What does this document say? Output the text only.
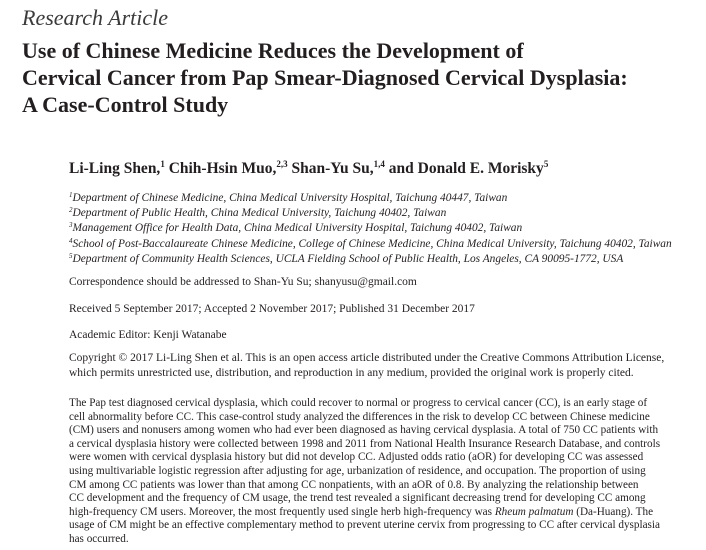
Research Article
Use of Chinese Medicine Reduces the Development of
Cervical Cancer from Pap Smear-Diagnosed Cervical Dysplasia:
A Case-Control Study
Li-Ling Shen,$^1$ Chih-Hsin Muo,$^{2,3}$ Shan-Yu Su,$^{1,4}$ and Donald E. Morisky$^5$
$^1$Department of Chinese Medicine, China Medical University Hospital, Taichung 40447, Taiwan
$^2$Department of Public Health, China Medical University, Taichung 40402, Taiwan
$^3$Management Office for Health Data, China Medical University Hospital, Taichung 40402, Taiwan
$^4$School of Post-Baccalaureate Chinese Medicine, College of Chinese Medicine, China Medical University, Taichung 40402, Taiwan
$^5$Department of Community Health Sciences, UCLA Fielding School of Public Health, Los Angeles, CA 90095-1772, USA
Correspondence should be addressed to Shan-Yu Su; shanyusu@gmail.com
Received 5 September 2017; Accepted 2 November 2017; Published 31 December 2017
Academic Editor: Kenji Watanabe
Copyright © 2017 Li-Ling Shen et al. This is an open access article distributed under the Creative Commons Attribution License,
which permits unrestricted use, distribution, and reproduction in any medium, provided the original work is properly cited.
The Pap test diagnosed cervical dysplasia, which could recover to normal or progress to cervical cancer (CC), is an early stage of
cell abnormality before CC. This case-control study analyzed the differences in the risk to develop CC between Chinese medicine
(CM) users and nonusers among women who had ever been diagnosed as having cervical dysplasia. A total of 750 CC patients with
a cervical dysplasia history were collected between 1998 and 2011 from National Health Insurance Research Database, and controls
were women with cervical dysplasia history but did not develop CC. Adjusted odds ratio (aOR) for developing CC was assessed
using multivariable logistic regression after adjusting for age, urbanization of residence, and occupation. The proportion of using
CM among CC patients was lower than that among CC nonpatients, with an aOR of 0.8. By analyzing the relationship between
CC development and the frequency of CM usage, the trend test revealed a significant decreasing trend for developing CC among
high-frequency CM users. Moreover, the most frequently used single herb high-frequency was Rheum palmatum (Da-Huang). The
usage of CM might be an effective complementary method to prevent uterine cervix from progressing to CC after cervical dysplasia
has occurred.
